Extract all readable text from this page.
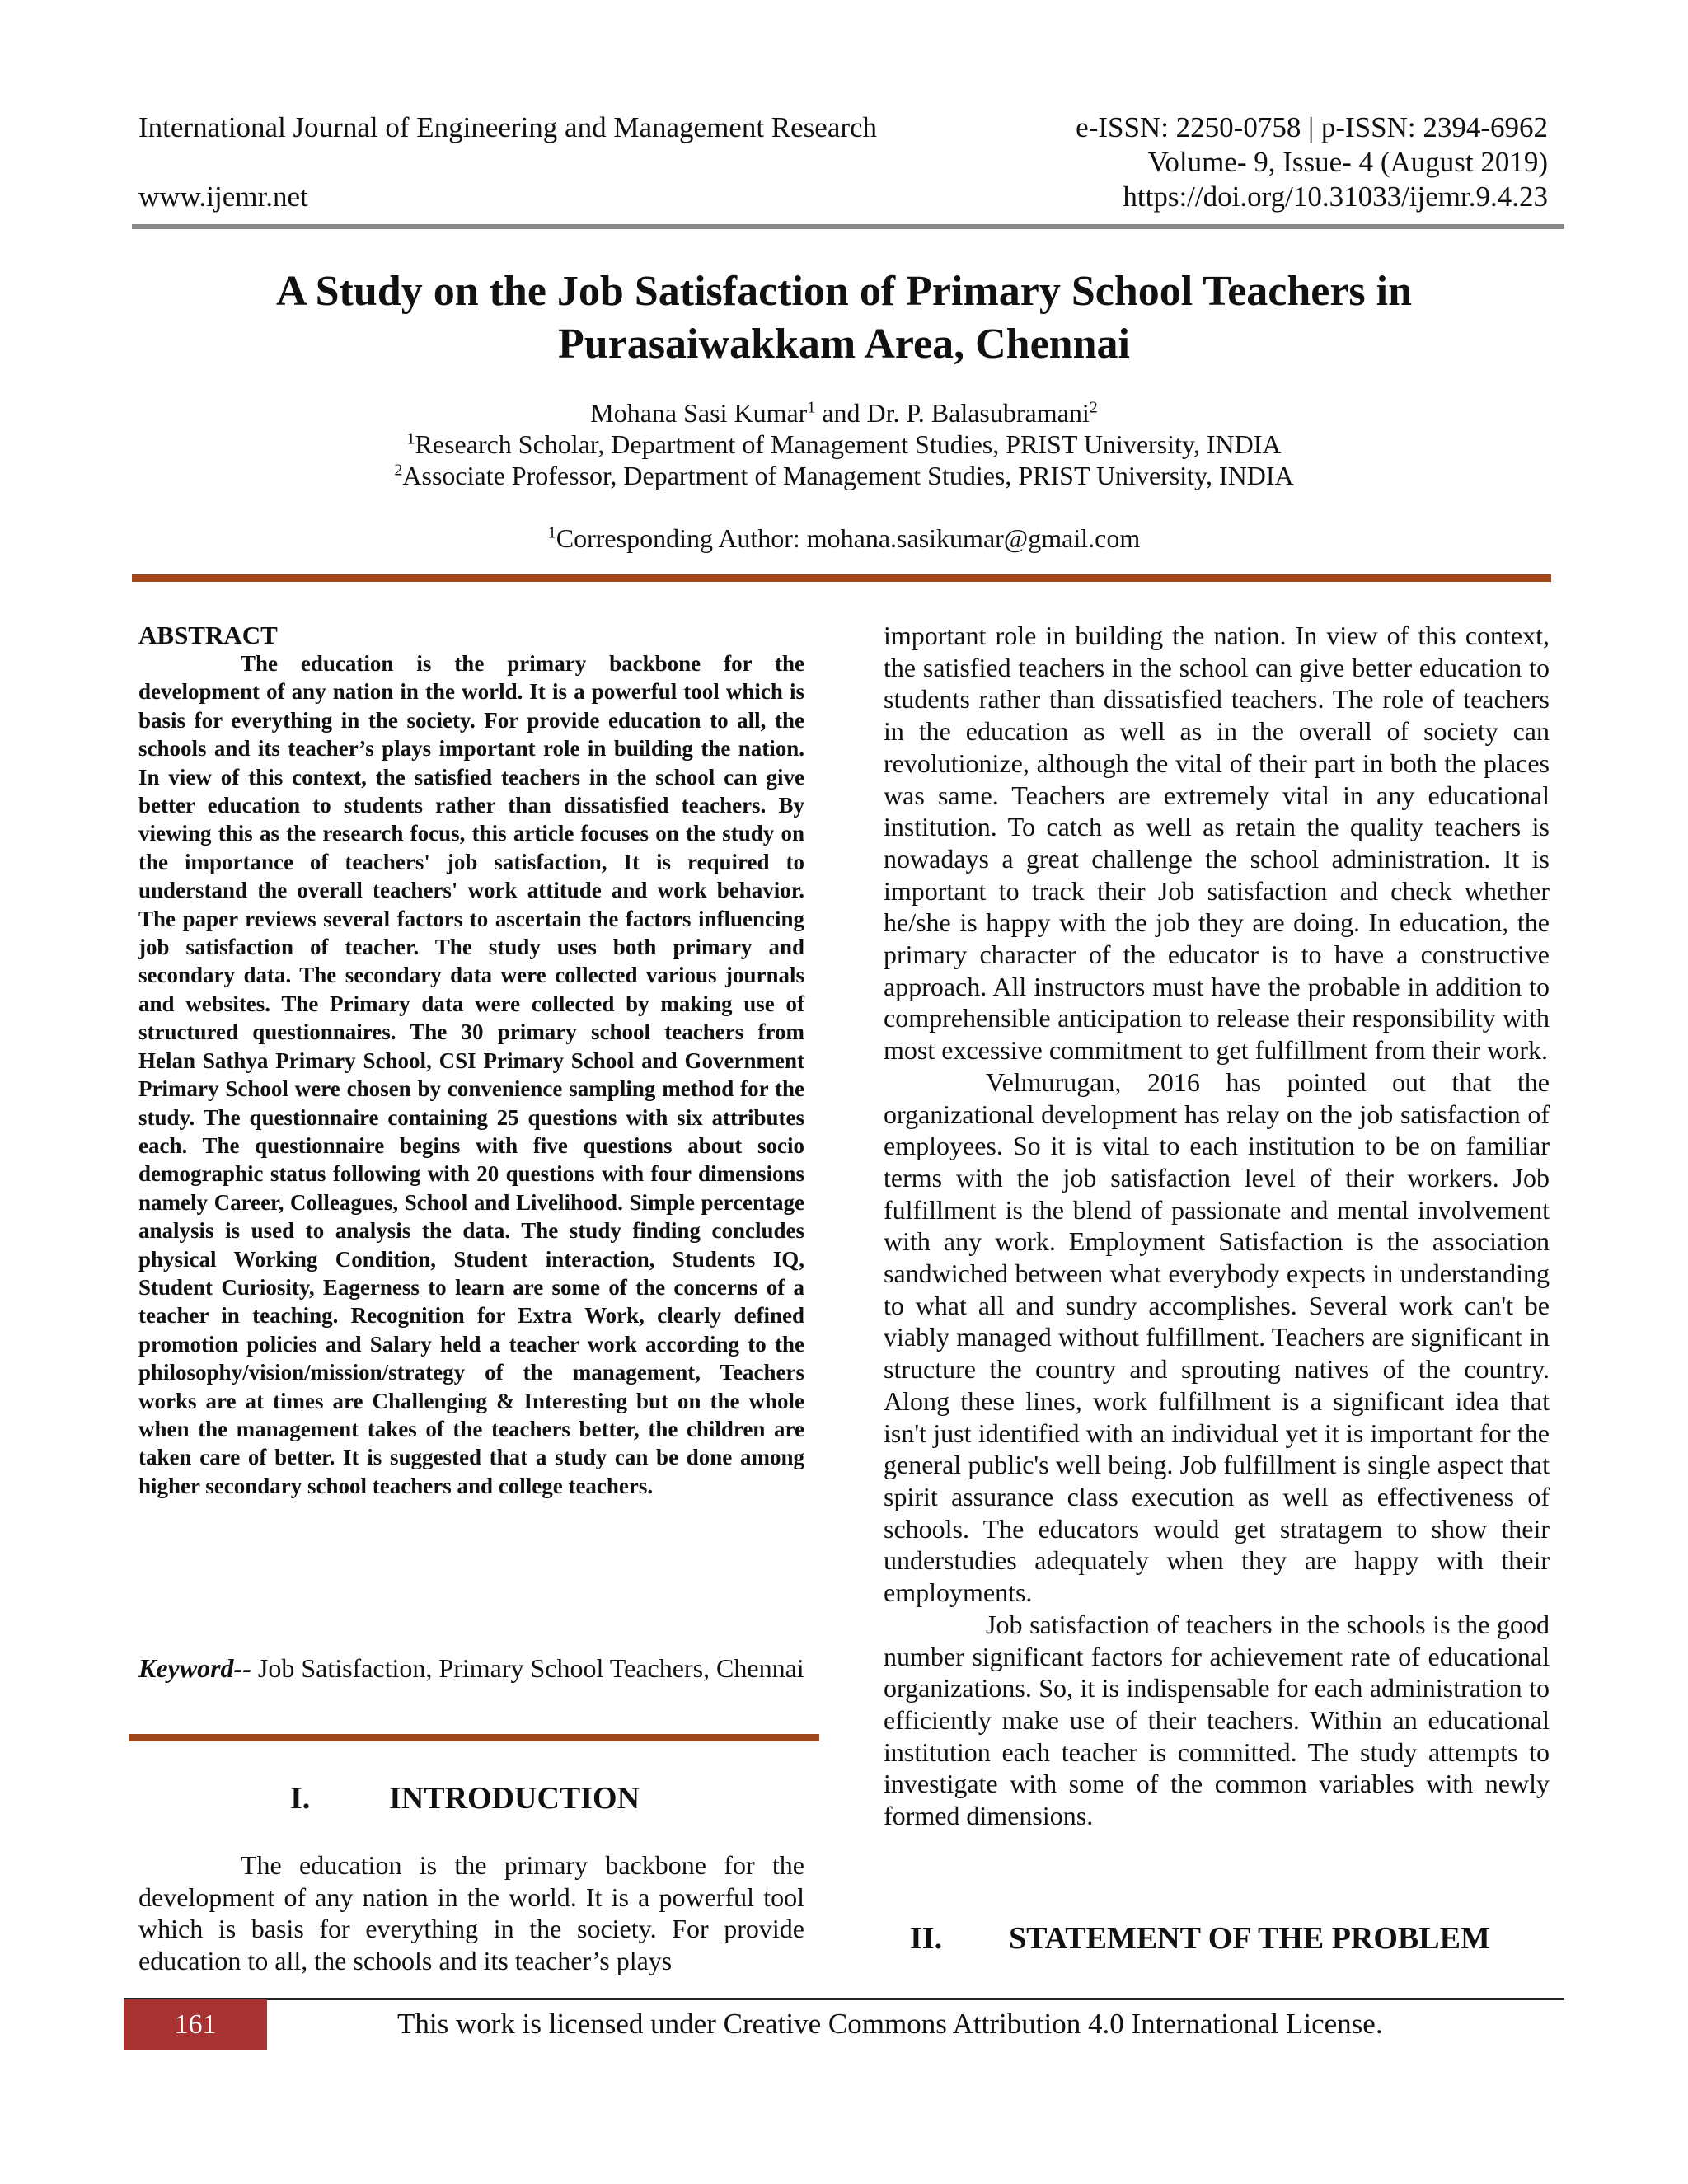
International Journal of Engineering and Management Research
www.ijemr.net
e-ISSN: 2250-0758 | p-ISSN: 2394-6962
Volume- 9, Issue- 4 (August 2019)
https://doi.org/10.31033/ijemr.9.4.23
A Study on the Job Satisfaction of Primary School Teachers in
Purasaiwakkam Area, Chennai
Mohana Sasi Kumar$^1$ and Dr. P. Balasubramani$^2$
$^1$Research Scholar, Department of Management Studies, PRIST University, INDIA
$^2$Associate Professor, Department of Management Studies, PRIST University, INDIA
$^1$Corresponding Author: mohana.sasikumar@gmail.com
ABSTRACT

The education is the primary backbone for the development of any nation in the world. It is a powerful tool which is basis for everything in the society. For provide education to all, the schools and its teacher’s plays important role in building the nation. In view of this context, the satisfied teachers in the school can give better education to students rather than dissatisfied teachers. By viewing this as the research focus, this article focuses on the study on the importance of teachers' job satisfaction, It is required to understand the overall teachers' work attitude and work behavior. The paper reviews several factors to ascertain the factors influencing job satisfaction of teacher. The study uses both primary and secondary data. The secondary data were collected various journals and websites. The Primary data were collected by making use of structured questionnaires. The 30 primary school teachers from Helan Sathya Primary School, CSI Primary School and Government Primary School were chosen by convenience sampling method for the study. The questionnaire containing 25 questions with six attributes each. The questionnaire begins with five questions about socio demographic status following with 20 questions with four dimensions namely Career, Colleagues, School and Livelihood. Simple percentage analysis is used to analysis the data. The study finding concludes physical Working Condition, Student interaction, Students IQ, Student Curiosity, Eagerness to learn are some of the concerns of a teacher in teaching. Recognition for Extra Work, clearly defined promotion policies and Salary held a teacher work according to the philosophy/vision/mission/strategy of the management, Teachers works are at times are Challenging & Interesting but on the whole when the management takes of the teachers better, the children are taken care of better. It is suggested that a study can be done among higher secondary school teachers and college teachers.

Keyword-- Job Satisfaction, Primary School Teachers, Chennai
I.	INTRODUCTION

The education is the primary backbone for the development of any nation in the world. It is a powerful tool which is basis for everything in the society. For provide education to all, the schools and its teacher’s plays

important role in building the nation. In view of this context, the satisfied teachers in the school can give better education to students rather than dissatisfied teachers. The role of teachers in the education as well as in the overall of society can revolutionize, although the vital of their part in both the places was same. Teachers are extremely vital in any educational institution. To catch as well as retain the quality teachers is nowadays a great challenge the school administration. It is important to track their Job satisfaction and check whether he/she is happy with the job they are doing. In education, the primary character of the educator is to have a constructive approach. All instructors must have the probable in addition to comprehensible anticipation to release their responsibility with most excessive commitment to get fulfillment from their work.

Velmurugan, 2016 has pointed out that the organizational development has relay on the job satisfaction of employees. So it is vital to each institution to be on familiar terms with the job satisfaction level of their workers. Job fulfillment is the blend of passionate and mental involvement with any work. Employment Satisfaction is the association sandwiched between what everybody expects in understanding to what all and sundry accomplishes. Several work can't be viably managed without fulfillment. Teachers are significant in structure the country and sprouting natives of the country. Along these lines, work fulfillment is a significant idea that isn't just identified with an individual yet it is important for the general public's well being. Job fulfillment is single aspect that spirit assurance class execution as well as effectiveness of schools. The educators would get stratagem to show their understudies adequately when they are happy with their employments.

Job satisfaction of teachers in the schools is the good number significant factors for achievement rate of educational organizations. So, it is indispensable for each administration to efficiently make use of their teachers. Within an educational institution each teacher is committed. The study attempts to investigate with some of the common variables with newly formed dimensions.

II. STATEMENT OF THE PROBLEM
161	This work is licensed under Creative Commons Attribution 4.0 International License.
